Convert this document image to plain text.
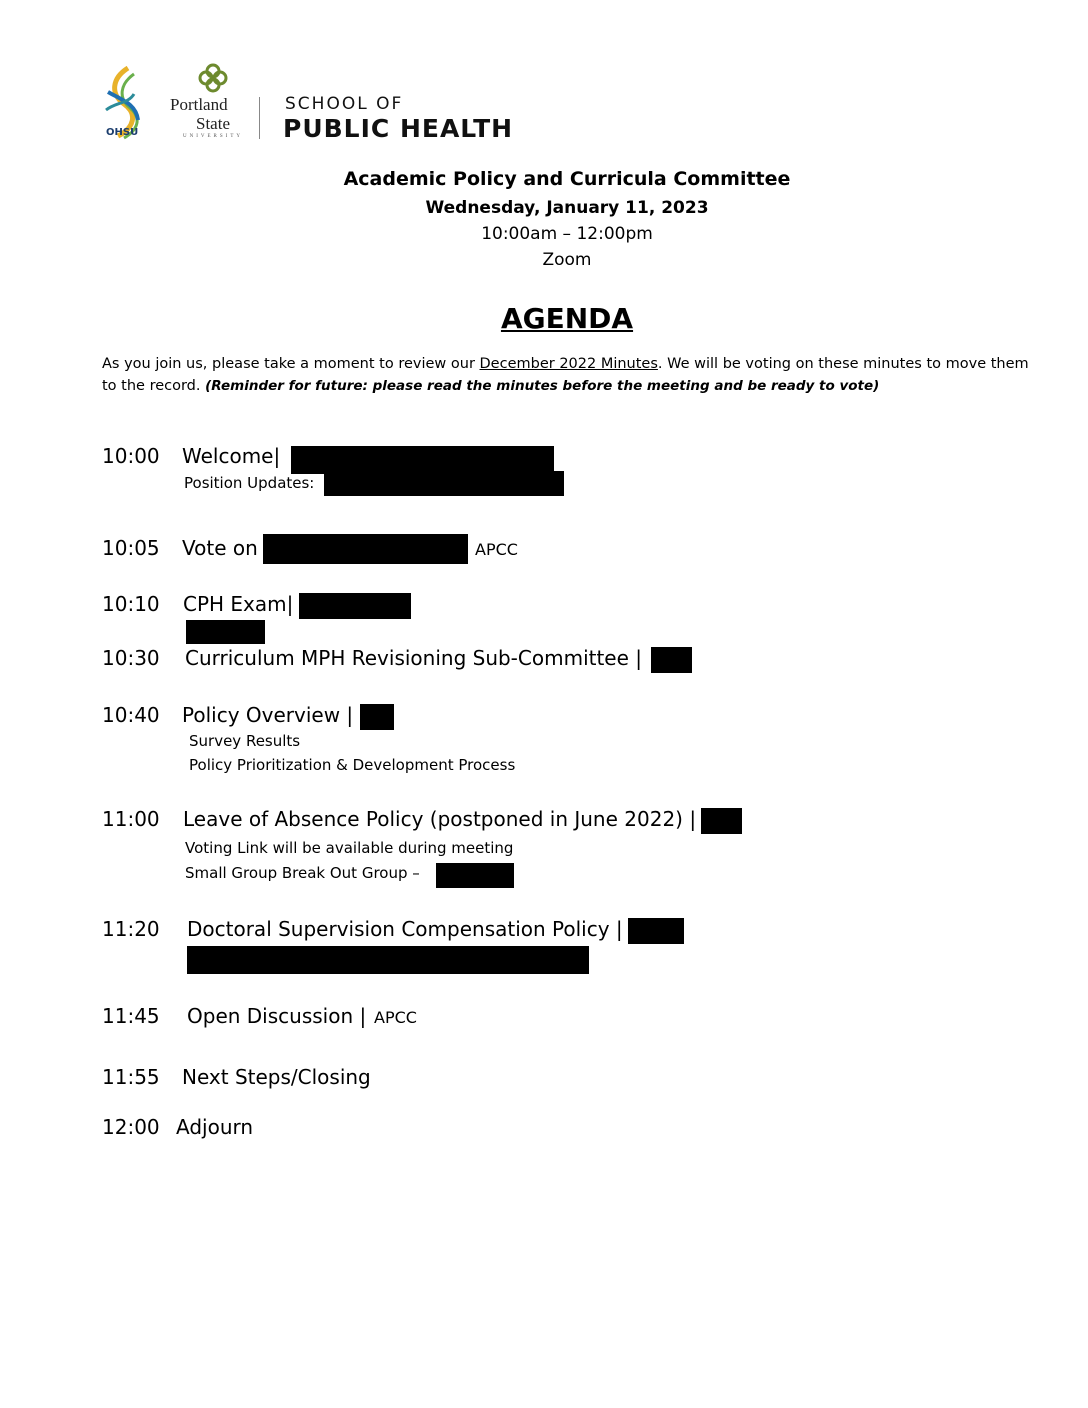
OHSU
Portland
State
UNIVERSITY
SCHOOL OF
PUBLIC HEALTH
Academic Policy and Curricula Committee
Wednesday, January 11, 2023
10:00am – 12:00pm
Zoom
AGENDA
As you join us, please take a moment to review our December 2022 Minutes. We will be voting on these minutes to move them to the record. (Reminder for future: please read the minutes before the meeting and be ready to vote)
10:00 Welcome|
Position Updates:
10:05 Vote on	APCC
10:10 CPH Exam|
10:30 Curriculum MPH Revisioning Sub-Committee |
10:40 Policy Overview |
Survey Results
Policy Prioritization & Development Process
11:00 Leave of Absence Policy (postponed in June 2022) |
Voting Link will be available during meeting
Small Group Break Out Group –
11:20 Doctoral Supervision Compensation Policy |
11:45 Open Discussion | APCC
11:55 Next Steps/Closing
12:00 Adjourn
